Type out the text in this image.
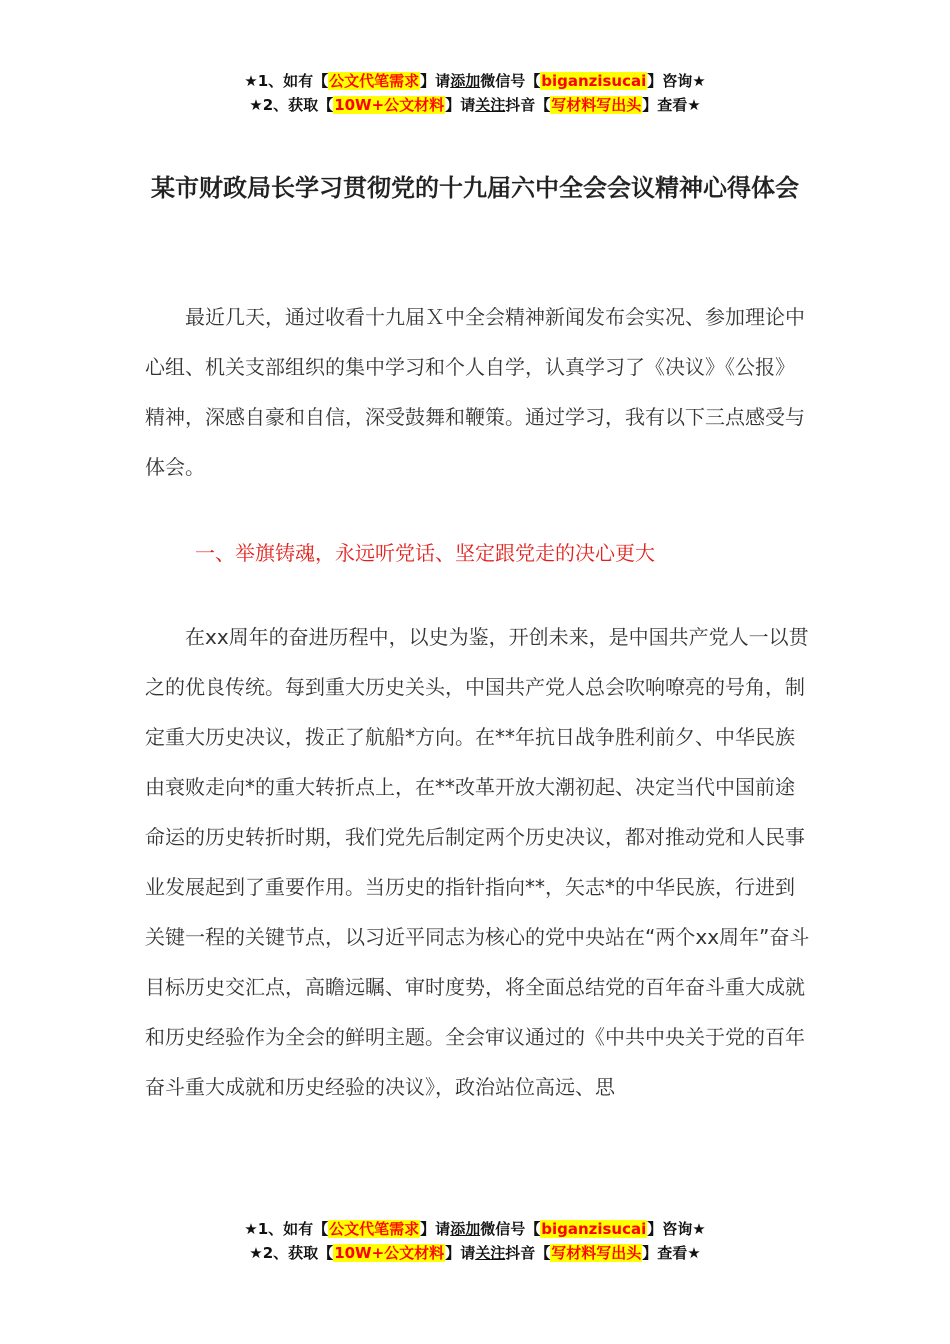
★1、如有【公文代笔需求】请添加微信号【biganzisucai】咨询★
★2、获取【10W+公文材料】请关注抖音【写材料写出头】查看★
某市财政局长学习贯彻党的十九届六中全会会议精神心得体会

最近几天，通过收看十九届Ｘ中全会精神新闻发布会实况、参加理论中心组、机关支部组织的集中学习和个人自学，认真学习了《决议》《公报》精神，深感自豪和自信，深受鼓舞和鞭策。通过学习，我有以下三点感受与体会。

一、举旗铸魂，永远听党话、坚定跟党走的决心更大

在xx周年的奋进历程中，以史为鉴，开创未来，是中国共产党人一以贯之的优良传统。每到重大历史关头，中国共产党人总会吹响嘹亮的号角，制定重大历史决议，拨正了航船*方向。在**年抗日战争胜利前夕、中华民族由衰败走向*的重大转折点上，在**改革开放大潮初起、决定当代中国前途命运的历史转折时期，我们党先后制定两个历史决议，都对推动党和人民事业发展起到了重要作用。当历史的指针指向**，矢志*的中华民族，行进到关键一程的关键节点，以习近平同志为核心的党中央站在“两个xx周年”奋斗目标历史交汇点，高瞻远瞩、审时度势，将全面总结党的百年奋斗重大成就和历史经验作为全会的鲜明主题。全会审议通过的《中共中央关于党的百年奋斗重大成就和历史经验的决议》，政治站位高远、思

★1、如有【公文代笔需求】请添加微信号【biganzisucai】咨询★
★2、获取【10W+公文材料】请关注抖音【写材料写出头】查看★
